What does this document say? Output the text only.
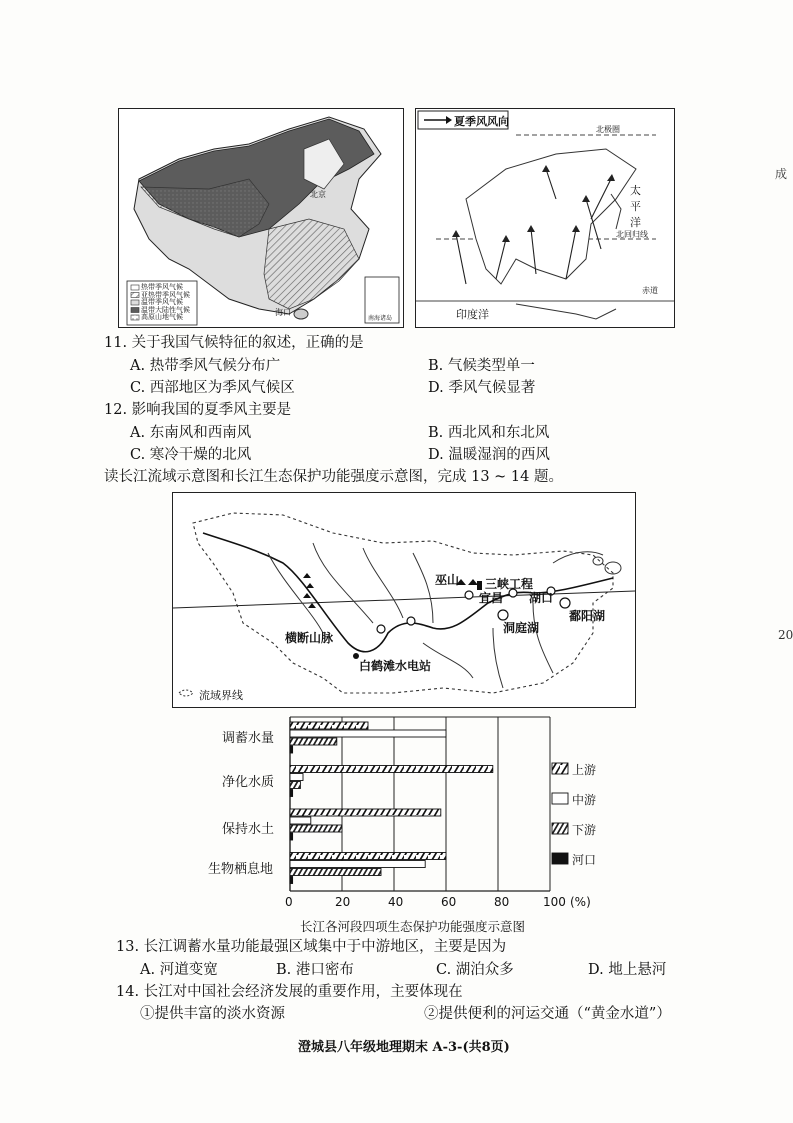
热带季风气候
亚热带季风气候
温带季风气候
温带大陆性气候
高原山地气候
北京
海口
南海诸岛
夏季风风向
北极圈
太平洋
北回归线
赤道
印度洋
11. 关于我国气候特征的叙述，正确的是
A. 热带季风气候分布广	B. 气候类型单一
C. 西部地区为季风气候区	D. 季风气候显著
12. 影响我国的夏季风主要是
A. 东南风和西南风	B. 西北风和东北风
C. 寒冷干燥的北风	D. 温暖湿润的西风
读长江流域示意图和长江生态保护功能强度示意图，完成 13 ~ 14 题。
巫山 三峡工程
宜昌 湖口
洞庭湖
鄱阳湖
横断山脉
白鹤滩水电站
流域界线
调蓄水量
净化水质
保持水土
生物栖息地
0	20	40	60	80	100 (%)
上游
中游
下游
河口
长江各河段四项生态保护功能强度示意图
13. 长江调蓄水量功能最强区域集中于中游地区，主要是因为
A. 河道变宽	B. 港口密布	C. 湖泊众多	D. 地上悬河
14. 长江对中国社会经济发展的重要作用，主要体现在
①提供丰富的淡水资源	②提供便利的河运交通（“黄金水道”）
澄城县八年级地理期末 A-3-(共8页)
成
20
